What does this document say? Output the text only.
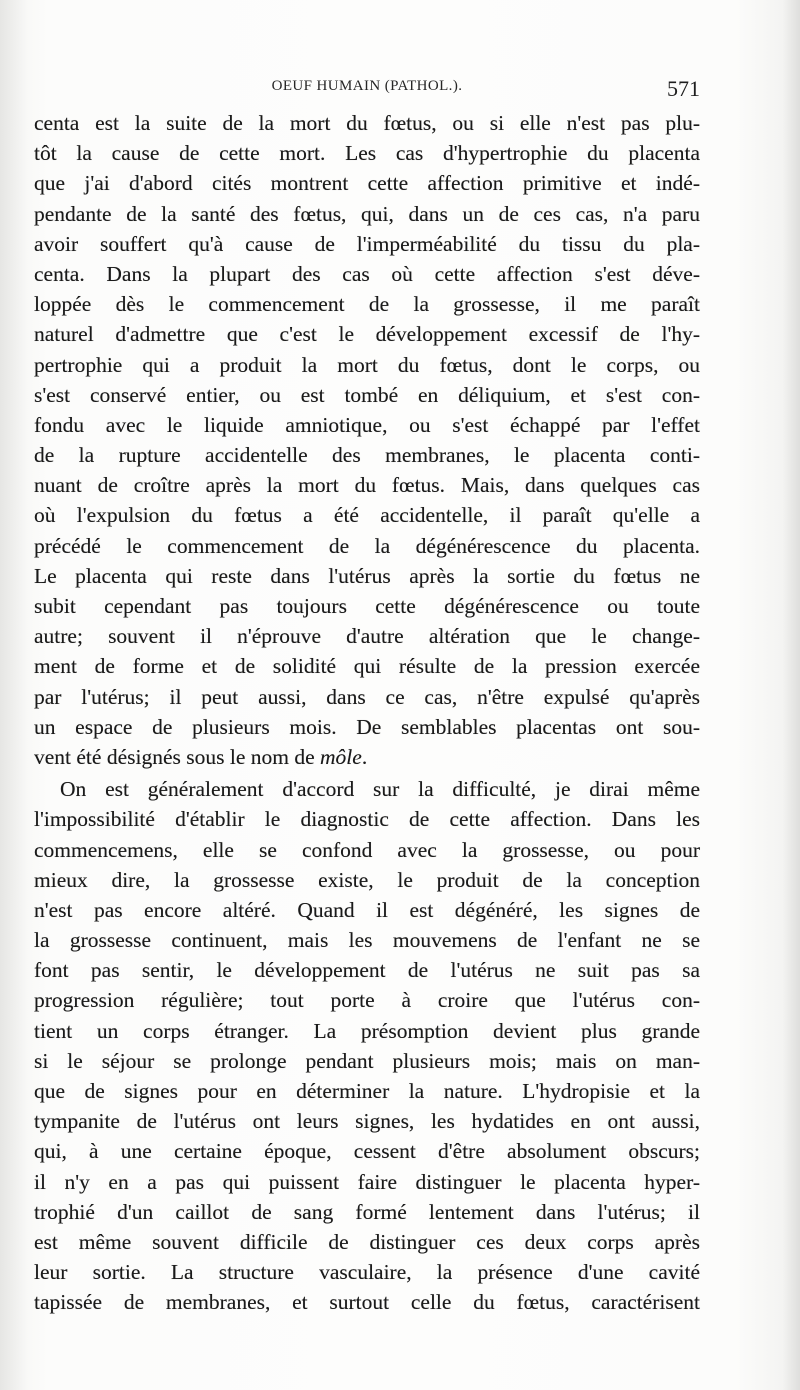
OEUF HUMAIN (PATHOL.).	571
centa est la suite de la mort du fœtus, ou si elle n'est pas plu-
tôt la cause de cette mort. Les cas d'hypertrophie du placenta
que j'ai d'abord cités montrent cette affection primitive et indé-
pendante de la santé des fœtus, qui, dans un de ces cas, n'a paru
avoir souffert qu'à cause de l'imperméabilité du tissu du pla-
centa. Dans la plupart des cas où cette affection s'est déve-
loppée dès le commencement de la grossesse, il me paraît
naturel d'admettre que c'est le développement excessif de l'hy-
pertrophie qui a produit la mort du fœtus, dont le corps, ou
s'est conservé entier, ou est tombé en déliquium, et s'est con-
fondu avec le liquide amniotique, ou s'est échappé par l'effet
de la rupture accidentelle des membranes, le placenta conti-
nuant de croître après la mort du fœtus. Mais, dans quelques cas
où l'expulsion du fœtus a été accidentelle, il paraît qu'elle a
précédé le commencement de la dégénérescence du placenta.
Le placenta qui reste dans l'utérus après la sortie du fœtus ne
subit cependant pas toujours cette dégénérescence ou toute
autre; souvent il n'éprouve d'autre altération que le change-
ment de forme et de solidité qui résulte de la pression exercée
par l'utérus; il peut aussi, dans ce cas, n'être expulsé qu'après
un espace de plusieurs mois. De semblables placentas ont sou-
vent été désignés sous le nom de môle.
On est généralement d'accord sur la difficulté, je dirai même
l'impossibilité d'établir le diagnostic de cette affection. Dans les
commencemens, elle se confond avec la grossesse, ou pour
mieux dire, la grossesse existe, le produit de la conception
n'est pas encore altéré. Quand il est dégénéré, les signes de
la grossesse continuent, mais les mouvemens de l'enfant ne se
font pas sentir, le développement de l'utérus ne suit pas sa
progression régulière; tout porte à croire que l'utérus con-
tient un corps étranger. La présomption devient plus grande
si le séjour se prolonge pendant plusieurs mois; mais on man-
que de signes pour en déterminer la nature. L'hydropisie et la
tympanite de l'utérus ont leurs signes, les hydatides en ont aussi,
qui, à une certaine époque, cessent d'être absolument obscurs;
il n'y en a pas qui puissent faire distinguer le placenta hyper-
trophié d'un caillot de sang formé lentement dans l'utérus; il
est même souvent difficile de distinguer ces deux corps après
leur sortie. La structure vasculaire, la présence d'une cavité
tapissée de membranes, et surtout celle du fœtus, caractérisent
